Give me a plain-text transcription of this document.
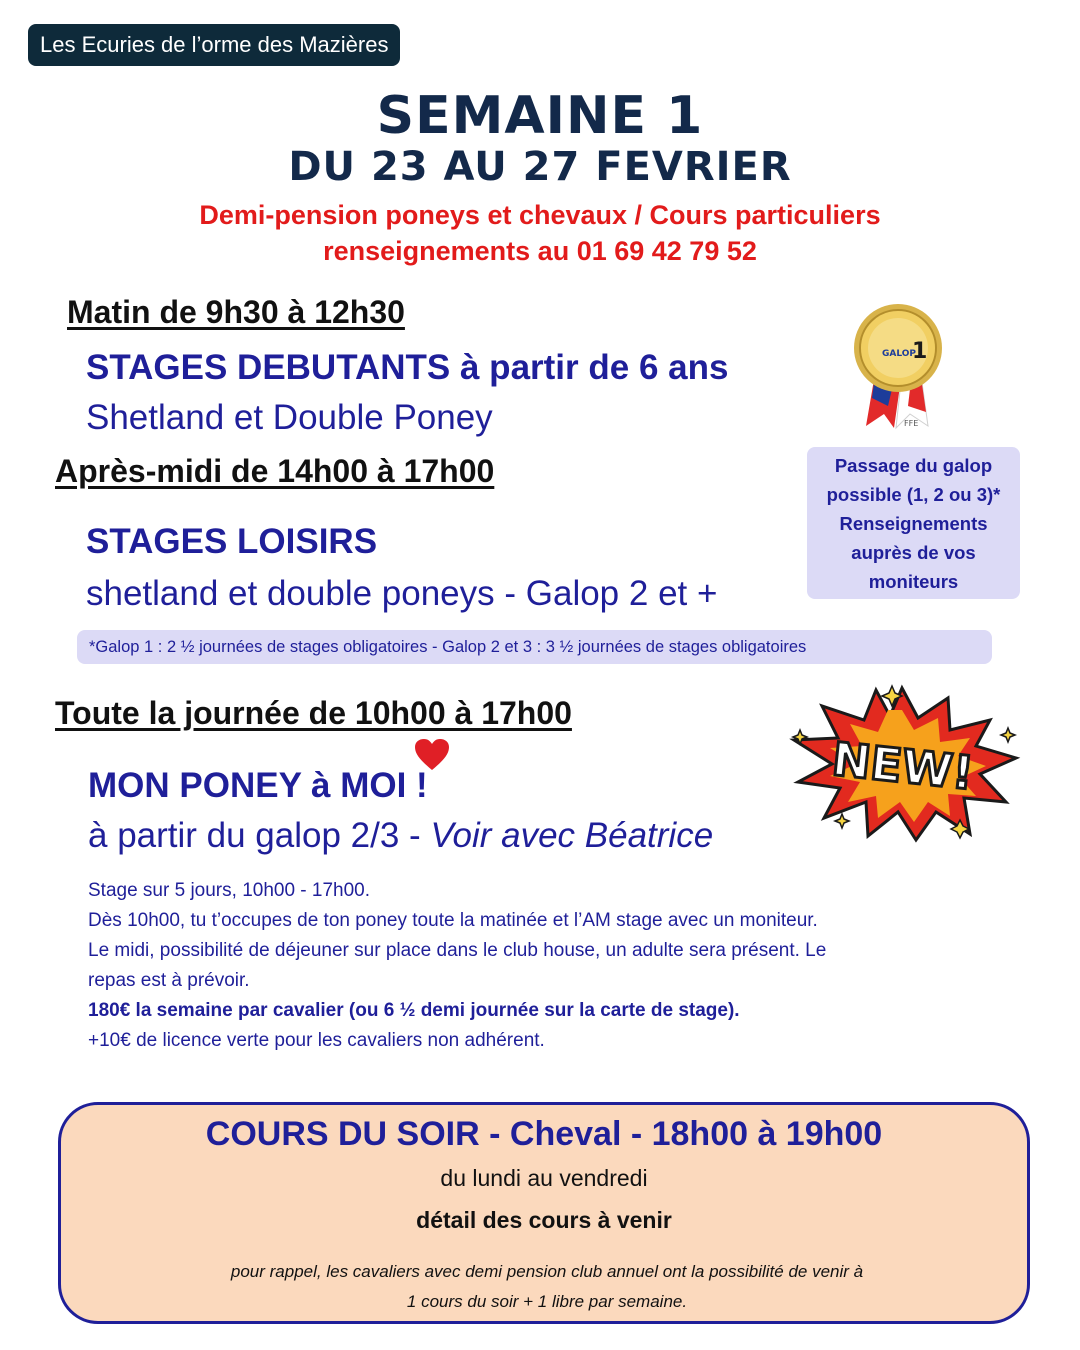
Les Ecuries de l’orme des Mazières
SEMAINE 1
DU 23 AU 27 FEVRIER
Demi-pension poneys et chevaux / Cours particuliers
renseignements au 01 69 42 79 52
Matin de 9h30 à 12h30
STAGES DEBUTANTS à partir de 6 ans
Shetland et Double Poney
GALOP
1
FFE
Passage du galop
possible (1, 2 ou 3)*
Renseignements
auprès de vos
moniteurs
Après-midi de 14h00 à 17h00
STAGES LOISIRS
shetland et double poneys - Galop 2 et +
*Galop 1 : 2 ½ journées de stages obligatoires - Galop 2 et 3 : 3 ½ journées de stages obligatoires
Toute la journée de 10h00 à 17h00
MON PONEY à MOI !
à partir du galop 2/3 - Voir avec Béatrice
NEW!
Stage sur 5 jours, 10h00 - 17h00.
Dès 10h00, tu t’occupes de ton poney toute la matinée et l’AM stage avec un moniteur.
Le midi, possibilité de déjeuner sur place dans le club house, un adulte sera présent. Le
repas est à prévoir.
180€ la semaine par cavalier (ou 6 ½ demi journée sur la carte de stage).
+10€ de licence verte pour les cavaliers non adhérent.
COURS DU SOIR - Cheval - 18h00 à 19h00
du lundi au vendredi
détail des cours à venir
pour rappel, les cavaliers avec demi pension club annuel ont la possibilité de venir à
1 cours du soir + 1 libre par semaine.
